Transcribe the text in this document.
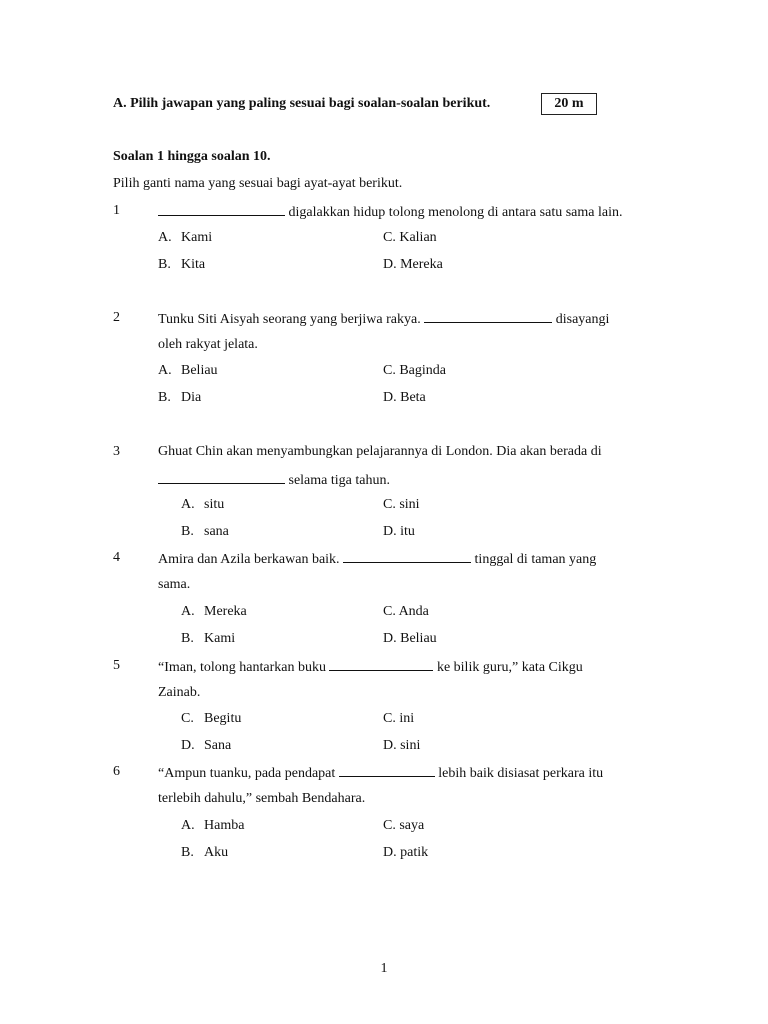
A. Pilih jawapan yang paling sesuai bagi soalan-soalan berikut.	20 m
Soalan 1 hingga soalan 10.
Pilih ganti nama yang sesuai bagi ayat-ayat berikut.
1	digalakkan hidup tolong menolong di antara satu sama lain.
A. Kami	C. Kalian
B. Kita	D. Mereka
2	Tunku Siti Aisyah seorang yang berjiwa rakya.	disayangi
oleh rakyat jelata.
A. Beliau	C. Baginda
B. Dia	D. Beta
3	Ghuat Chin akan menyambungkan pelajarannya di London. Dia akan berada di
selama tiga tahun.
A. situ	C. sini
B. sana	D. itu
4	Amira dan Azila berkawan baik.	tinggal di taman yang
sama.
A. Mereka	C. Anda
B. Kami	D. Beliau
5	“Iman, tolong hantarkan buku	ke bilik guru,” kata Cikgu
Zainab.
C. Begitu	C. ini
D. Sana	D. sini
6	“Ampun tuanku, pada pendapat	lebih baik disiasat perkara itu
terlebih dahulu,” sembah Bendahara.
A. Hamba	C. saya
B. Aku	D. patik
1
